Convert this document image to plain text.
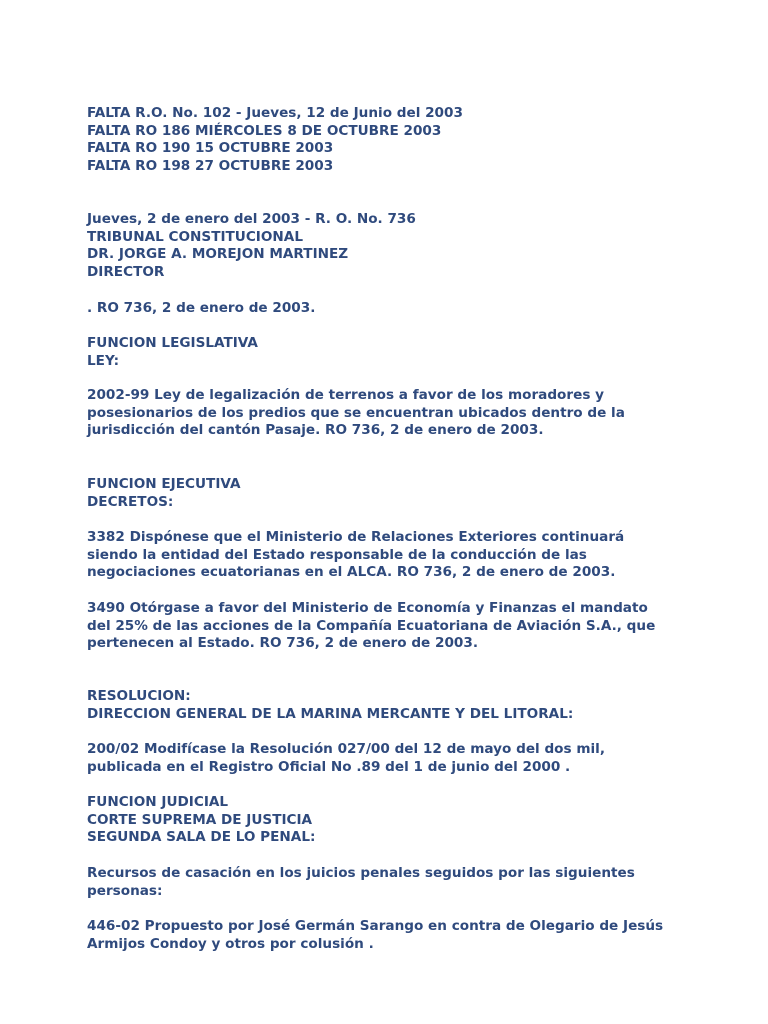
FALTA R.O. No. 102 - Jueves, 12 de Junio del 2003
FALTA RO 186 MIÉRCOLES 8 DE OCTUBRE 2003
FALTA RO 190 15 OCTUBRE 2003
FALTA RO 198 27 OCTUBRE 2003
Jueves, 2 de enero del 2003 - R. O. No. 736
TRIBUNAL CONSTITUCIONAL
DR. JORGE A. MOREJON MARTINEZ
DIRECTOR
. RO 736, 2 de enero de 2003.
FUNCION LEGISLATIVA
LEY:
2002-99 Ley de legalización de terrenos a favor de los moradores y
posesionarios de los predios que se encuentran ubicados dentro de la
jurisdicción del cantón Pasaje. RO 736, 2 de enero de 2003.
FUNCION EJECUTIVA
DECRETOS:
3382 Dispónese que el Ministerio de Relaciones Exteriores continuará
siendo la entidad del Estado responsable de la conducción de las
negociaciones ecuatorianas en el ALCA. RO 736, 2 de enero de 2003.
3490 Otórgase a favor del Ministerio de Economía y Finanzas el mandato
del 25% de las acciones de la Compañía Ecuatoriana de Aviación S.A., que
pertenecen al Estado. RO 736, 2 de enero de 2003.
RESOLUCION:
DIRECCION GENERAL DE LA MARINA MERCANTE Y DEL LITORAL:
200/02 Modifícase la Resolución 027/00 del 12 de mayo del dos mil,
publicada en el Registro Oficial No .89 del 1 de junio del 2000 .
FUNCION JUDICIAL
CORTE SUPREMA DE JUSTICIA
SEGUNDA SALA DE LO PENAL:
Recursos de casación en los juicios penales seguidos por las siguientes
personas:
446-02 Propuesto por José Germán Sarango en contra de Olegario de Jesús
Armijos Condoy y otros por colusión .
